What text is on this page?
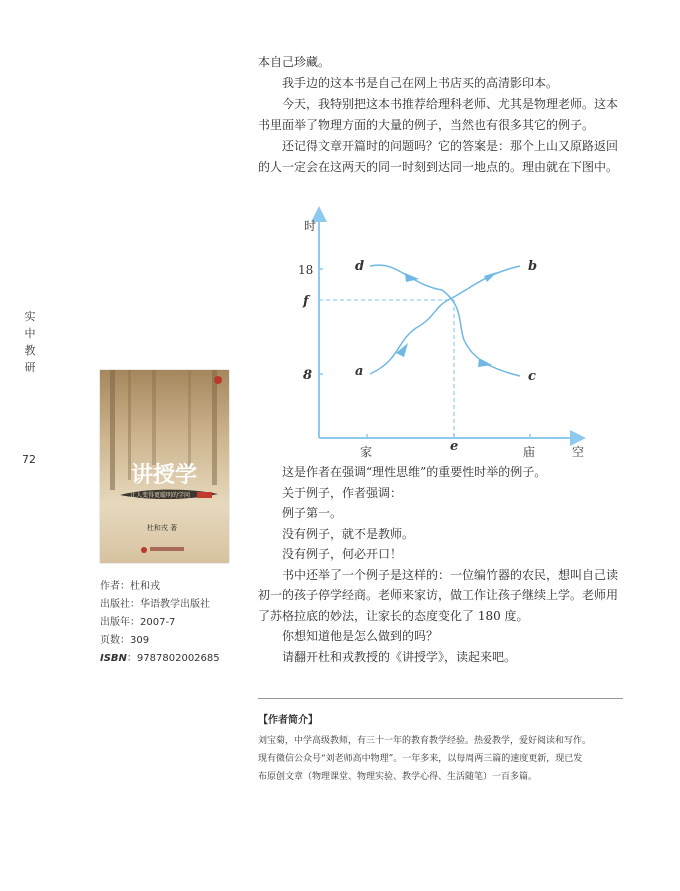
实
中
教
研
72

本自己珍藏。

我手边的这本书是自己在网上书店买的高清影印本。

今天，我特别把这本书推荐给理科老师、尤其是物理老师。这本书里面举了物理方面的大量的例子，当然也有很多其它的例子。

还记得文章开篇时的问题吗？它的答案是：那个上山又原路返回的人一定会在这两天的同一时刻到达同一地点的。理由就在下图中。

时
空
18
f
8
家	e	庙
a
b
c
d

这是作者在强调“理性思维”的重要性时举的例子。

关于例子，作者强调：

例子第一。

没有例子，就不是教师。

没有例子，何必开口！

书中还举了一个例子是这样的：一位编竹器的农民，想叫自己读初一的孩子停学经商。老师来家访，做工作让孩子继续上学。老师用了苏格拉底的妙法，让家长的态度变化了 180 度。

你想知道他是怎么做到的吗？

请翻开杜和戎教授的《讲授学》，读起来吧。

讲授学
让人变得更聪明的学问
杜和戎 著
作者：杜和戎
出版社：华语教学出版社
出版年：2007-7
页数：309
ISBN：9787802002685
【作者简介】

刘宝菊，中学高级教师，有三十一年的教育教学经验。热爱教学，爱好阅读和写作。

现有微信公众号“刘老师高中物理”。一年多来，以每周两三篇的速度更新，现已发

布原创文章（物理课堂、物理实验、教学心得、生活随笔）一百多篇。
